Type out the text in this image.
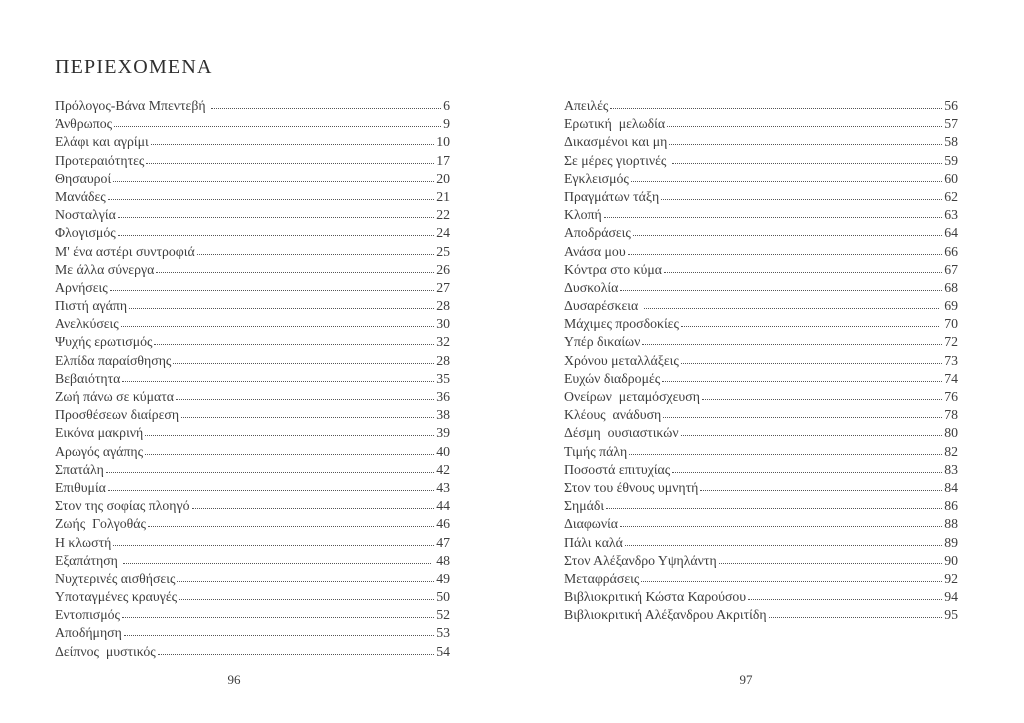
ΠΕΡΙΕΧΟΜΕΝΑ
Πρόλογος-Βάνα Μπεντεβή	6
Άνθρωπος	9
Ελάφι και αγρίμι	10
Προτεραιότητες	17
Θησαυροί	20
Μανάδες	21
Νοσταλγία	22
Φλογισμός	24
Μ' ένα αστέρι συντροφιά	25
Με άλλα σύνεργα	26
Αρνήσεις	27
Πιστή αγάπη	28
Ανελκύσεις	30
Ψυχής ερωτισμός	32
Ελπίδα παραίσθησης	28
Βεβαιότητα	35
Ζωή πάνω σε κύματα	36
Προσθέσεων διαίρεση	38
Εικόνα μακρινή	39
Αρωγός αγάπης	40
Σπατάλη	42
Επιθυμία	43
Στον της σοφίας πλοηγό	44
Ζωής  Γολγοθάς	46
Η κλωστή	47
Εξαπάτηση	48
Νυχτερινές αισθήσεις	49
Υποταγμένες κραυγές	50
Εντοπισμός	52
Αποδήμηση	53
Δείπνος  μυστικός	54
Απειλές	56
Ερωτική  μελωδία	57
Δικασμένοι και μη	58
Σε μέρες γιορτινές	59
Εγκλεισμός	60
Πραγμάτων τάξη	62
Κλοπή	63
Αποδράσεις	64
Ανάσα μου	66
Κόντρα στο κύμα	67
Δυσκολία	68
Δυσαρέσκεια	69
Μάχιμες προσδοκίες	70
Υπέρ δικαίων	72
Χρόνου μεταλλάξεις	73
Ευχών διαδρομές	74
Ονείρων  μεταμόσχευση	76
Κλέους  ανάδυση	78
Δέσμη  ουσιαστικών	80
Τιμής πάλη	82
Ποσοστά επιτυχίας	83
Στον του έθνους υμνητή	84
Σημάδι	86
Διαφωνία	88
Πάλι καλά	89
Στον Αλέξανδρο Υψηλάντη	90
Μεταφράσεις	92
Βιβλιοκριτική Κώστα Καρούσου	94
Βιβλιοκριτική Αλέξανδρου Ακριτίδη	95
96	97
